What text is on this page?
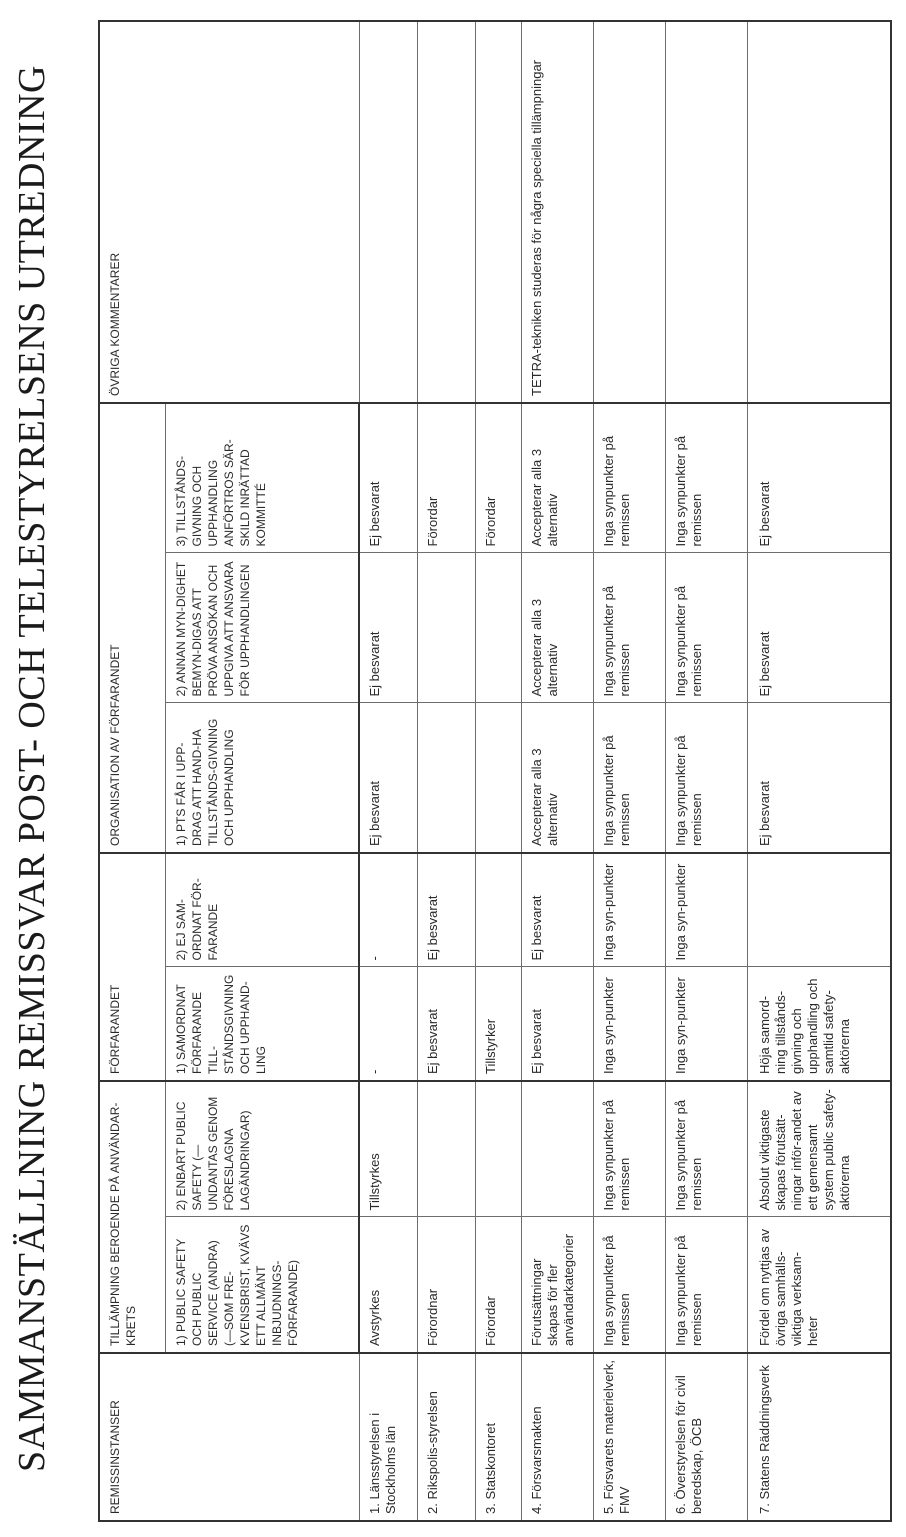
SAMMANSTÄLLNING REMISSVAR POST- OCH TELESTYRELSENS UTREDNING	REMISSINSTANSER	TILLÄMPNING BEROENDE PÅ ANVÄNDAR-KRETS		FÖRFARANDET		ORGANISATION AV FÖRFARANDET			ÖVRIGA KOMMENTARER
	1) PUBLIC SAFETY OCH PUBLIC SERVICE (ANDRA) (—SOM FRE-KVENSBRIST, KVÄVS ETT ALLMÄNT INBJUDNINGS-FÖRFARANDE)	2) ENBART PUBLIC SAFETY (—UNDANTAS GENOM FÖRESLAGNA LAGÄNDRINGAR)	1) SAMORDNAT FÖRFARANDE TILL-STÅNDSGIVNING OCH UPPHAND-LING	2) EJ SAM-ORDNAT FÖR-FARANDE	1) PTS FÅR I UPP-DRAG ATT HAND-HA TILLSTÅNDS-GIVNING OCH UPPHANDLING	2) ANNAN MYN-DIGHET BEMYN-DIGAS ATT PRÖVA ANSÖKAN OCH UPPGIVA ATT ANSVARA FÖR UPPHANDLINGEN	3) TILLSTÅNDS-GIVNING OCH UPPHANDLING ANFÖRTROS SÄR-SKILD INRÄTTAD KOMMITTÉ	
1. Länsstyrelsen i Stockholms län	Avstyrkes	Tillstyrkes	-	-	Ej besvarat	Ej besvarat	Ej besvarat	
2. Rikspolis-styrelsen	Förordnar		Ej besvarat	Ej besvarat			Förordar	
3. Statskontoret	Förordar		Tillstyrker				Förordar	
4. Försvarsmakten	Förutsättningar skapas för fler användarkategorier		Ej besvarat	Ej besvarat	Accepterar alla 3 alternativ	Accepterar alla 3 alternativ	Accepterar alla 3 alternativ	TETRA-tekniken studeras för några speciella tillämpningar
5. Försvarets materielverk, FMV	Inga synpunkter på remissen	Inga synpunkter på remissen	Inga syn-punkter	Inga syn-punkter	Inga synpunkter på remissen	Inga synpunkter på remissen	Inga synpunkter på remissen	
6. Överstyrelsen för civil beredskap, ÖCB	Inga synpunkter på remissen	Inga synpunkter på remissen	Inga syn-punkter	Inga syn-punkter	Inga synpunkter på remissen	Inga synpunkter på remissen	Inga synpunkter på remissen	
7. Statens Räddningsverk	Fördel om nyttjas av övriga samhälls-viktiga verksam-heter	Absolut viktigaste skapas förutsätt-ningar inför-andet av ett gemensamt system public safety-aktörerna	Höja samord-ning tillstånds-givning och upphandling och samtlid safety-aktörerna		Ej besvarat	Ej besvarat	Ej besvarat	
